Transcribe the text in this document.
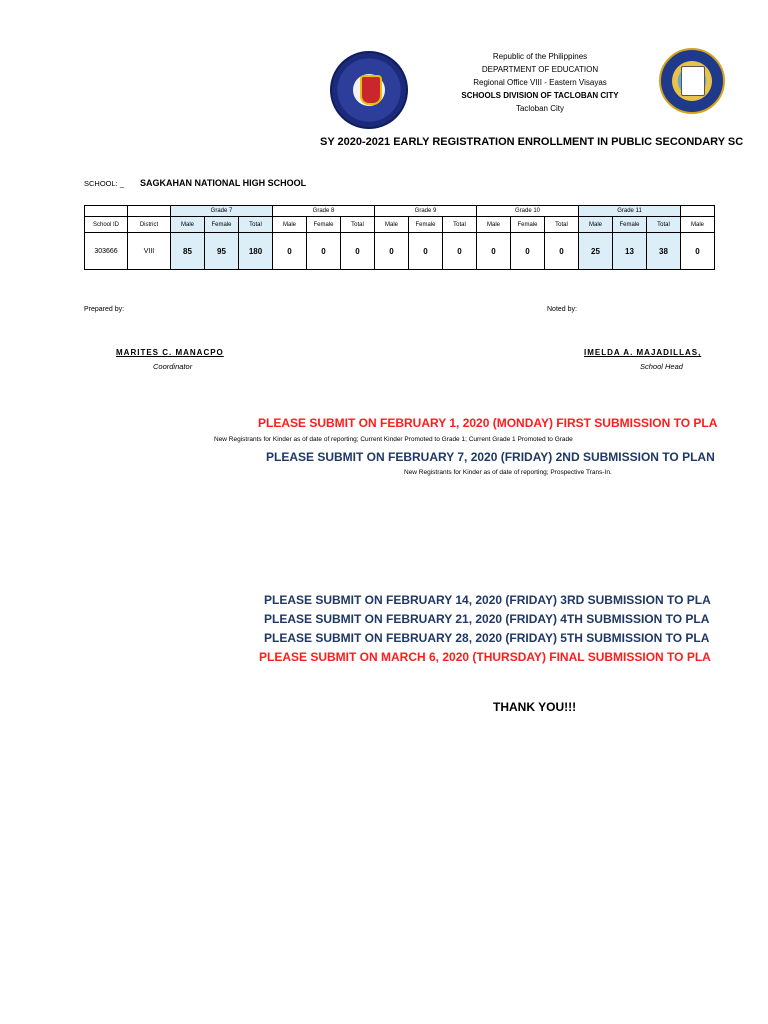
Republic of the Philippines
DEPARTMENT OF EDUCATION
Regional Office VIII - Eastern Visayas
SCHOOLS DIVISION OF TACLOBAN CITY
Tacloban City
SY 2020-2021 EARLY REGISTRATION ENROLLMENT IN PUBLIC SECONDARY SC
SCHOOL: _ SAGKAHAN NATIONAL HIGH SCHOOL
		Grade 7			Grade 8			Grade 9			Grade 10			Grade 11			
School ID	District	Male	Female	Total	Male	Female	Total	Male	Female	Total	Male	Female	Total	Male	Female	Total	Male
303666	VIII	85	95	180	0	0	0	0	0	0	0	0	0	25	13	38	0
Prepared by:	Noted by:
MARITES C. MANACPO
Coordinator
IMELDA A. MAJADILLAS,
School Head
PLEASE SUBMIT ON FEBRUARY 1, 2020 (MONDAY) FIRST SUBMISSION TO PLA
New Registrants for Kinder as of date of reporting; Current Kinder Promoted to Grade 1; Current Grade 1 Promoted to Grade
PLEASE SUBMIT ON FEBRUARY 7, 2020 (FRIDAY) 2ND SUBMISSION TO PLAN
New Registrants for Kinder as of date of reporting; Prospective Trans-In.
PLEASE SUBMIT ON FEBRUARY 14, 2020 (FRIDAY) 3RD SUBMISSION TO PLA
PLEASE SUBMIT ON FEBRUARY 21, 2020 (FRIDAY) 4TH SUBMISSION TO PLA
PLEASE SUBMIT ON FEBRUARY 28, 2020 (FRIDAY) 5TH SUBMISSION TO PLA
PLEASE SUBMIT ON MARCH 6, 2020 (THURSDAY) FINAL SUBMISSION TO PLA
THANK YOU!!!
